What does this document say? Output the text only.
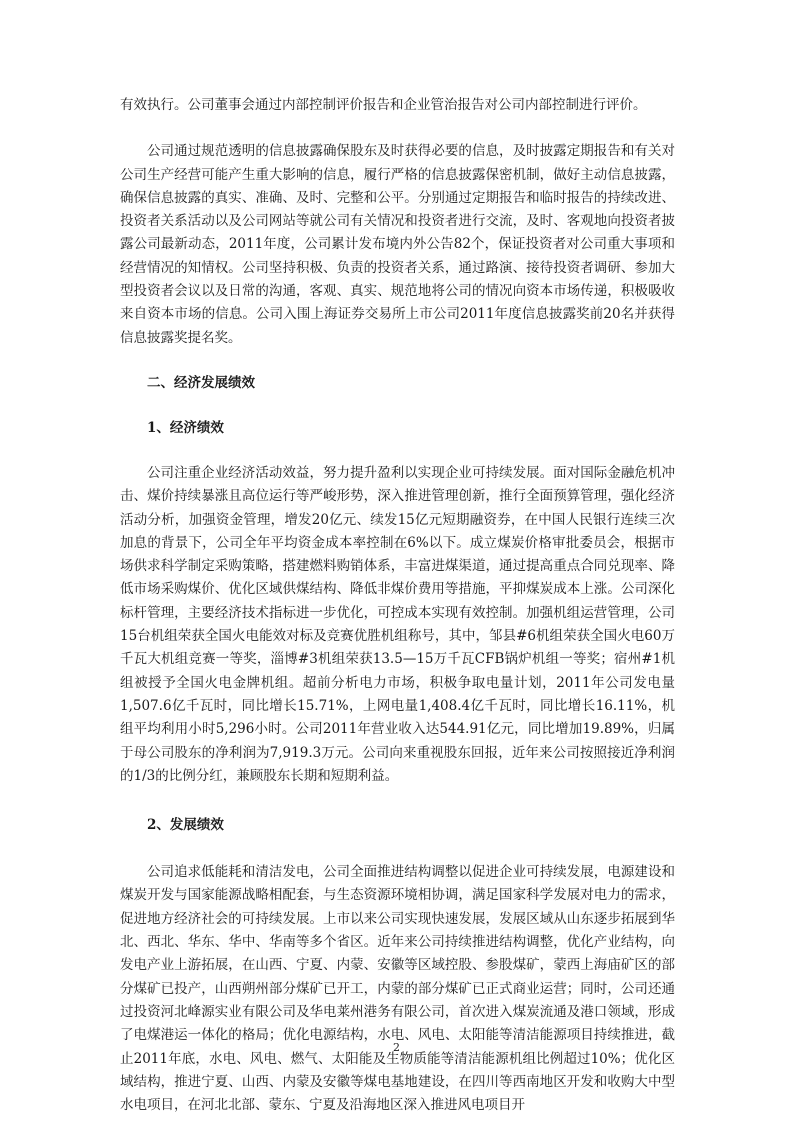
有效执行。公司董事会通过内部控制评价报告和企业管治报告对公司内部控制进行评价。

公司通过规范透明的信息披露确保股东及时获得必要的信息，及时披露定期报告和有关对公司生产经营可能产生重大影响的信息，履行严格的信息披露保密机制，做好主动信息披露，确保信息披露的真实、准确、及时、完整和公平。分别通过定期报告和临时报告的持续改进、投资者关系活动以及公司网站等就公司有关情况和投资者进行交流，及时、客观地向投资者披露公司最新动态，2011年度，公司累计发布境内外公告82个，保证投资者对公司重大事项和经营情况的知情权。公司坚持积极、负责的投资者关系，通过路演、接待投资者调研、参加大型投资者会议以及日常的沟通，客观、真实、规范地将公司的情况向资本市场传递，积极吸收来自资本市场的信息。公司入围上海证券交易所上市公司2011年度信息披露奖前20名并获得信息披露奖提名奖。

二、经济发展绩效
1、经济绩效

公司注重企业经济活动效益，努力提升盈利以实现企业可持续发展。面对国际金融危机冲击、煤价持续暴涨且高位运行等严峻形势，深入推进管理创新，推行全面预算管理，强化经济活动分析，加强资金管理，增发20亿元、续发15亿元短期融资券，在中国人民银行连续三次加息的背景下，公司全年平均资金成本率控制在6%以下。成立煤炭价格审批委员会，根据市场供求科学制定采购策略，搭建燃料购销体系，丰富进煤渠道，通过提高重点合同兑现率、降低市场采购煤价、优化区域供煤结构、降低非煤价费用等措施，平抑煤炭成本上涨。公司深化标杆管理，主要经济技术指标进一步优化，可控成本实现有效控制。加强机组运营管理，公司15台机组荣获全国火电能效对标及竞赛优胜机组称号，其中，邹县#6机组荣获全国火电60万千瓦大机组竞赛一等奖，淄博#3机组荣获13.5—15万千瓦CFB锅炉机组一等奖；宿州#1机组被授予全国火电金牌机组。超前分析电力市场，积极争取电量计划，2011年公司发电量1,507.6亿千瓦时，同比增长15.71%，上网电量1,408.4亿千瓦时，同比增长16.11%，机组平均利用小时5,296小时。公司2011年营业收入达544.91亿元，同比增加19.89%，归属于母公司股东的净利润为7,919.3万元。公司向来重视股东回报，近年来公司按照接近净利润的1/3的比例分红，兼顾股东长期和短期利益。

2、发展绩效

公司追求低能耗和清洁发电，公司全面推进结构调整以促进企业可持续发展，电源建设和煤炭开发与国家能源战略相配套，与生态资源环境相协调，满足国家科学发展对电力的需求，促进地方经济社会的可持续发展。上市以来公司实现快速发展，发展区域从山东逐步拓展到华北、西北、华东、华中、华南等多个省区。近年来公司持续推进结构调整，优化产业结构，向发电产业上游拓展，在山西、宁夏、内蒙、安徽等区域控股、参股煤矿，蒙西上海庙矿区的部分煤矿已投产，山西朔州部分煤矿已开工，内蒙的部分煤矿已正式商业运营；同时，公司还通过投资河北峰源实业有限公司及华电莱州港务有限公司，首次进入煤炭流通及港口领域，形成了电煤港运一体化的格局；优化电源结构，水电、风电、太阳能等清洁能源项目持续推进，截止2011年底，水电、风电、燃气、太阳能及生物质能等清洁能源机组比例超过10%；优化区域结构，推进宁夏、山西、内蒙及安徽等煤电基地建设，在四川等西南地区开发和收购大中型水电项目，在河北北部、蒙东、宁夏及沿海地区深入推进风电项目开

2
